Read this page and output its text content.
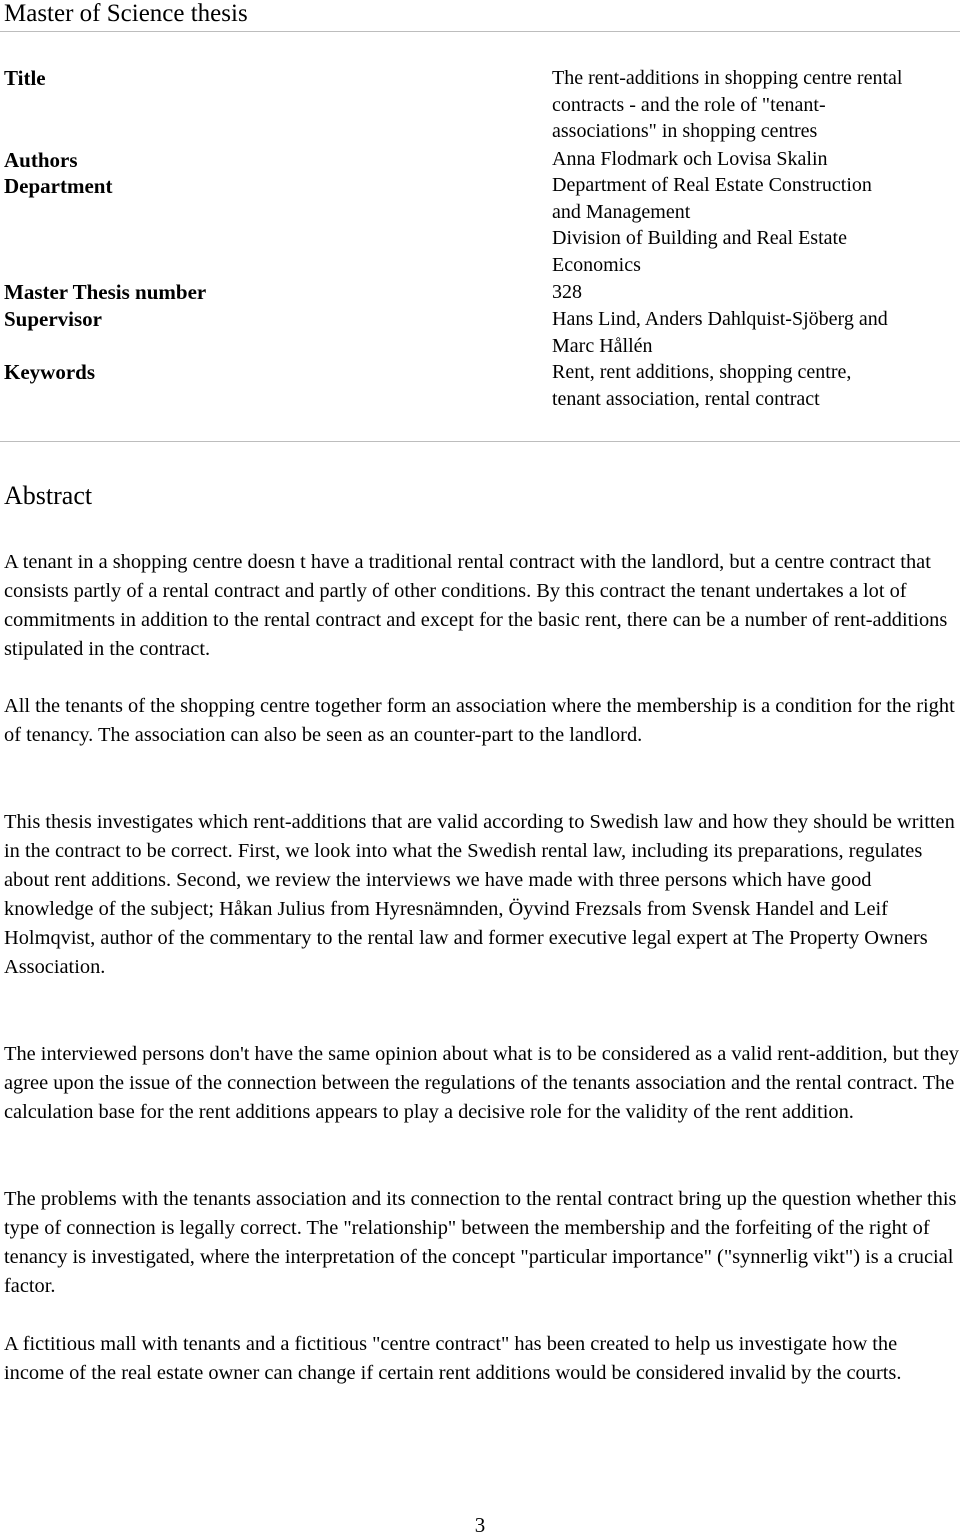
Master of Science thesis
Title	The rent-additions in shopping centre rental
contracts - and the role of "tenant-
associations" in shopping centres
Authors	Anna Flodmark och Lovisa Skalin
Department	Department of Real Estate Construction
and Management
Division of Building and Real Estate
Economics
Master Thesis number	328
Supervisor	Hans Lind, Anders Dahlquist-Sjöberg and
Marc Hållén
Keywords	Rent, rent additions, shopping centre,
tenant association, rental contract
Abstract
A tenant in a shopping centre doesn t have a traditional rental contract with the landlord, but a centre contract that consists partly of a rental contract and partly of other conditions. By this contract the tenant undertakes a lot of commitments in addition to the rental contract and except for the basic rent, there can be a number of rent-additions stipulated in the contract.
All the tenants of the shopping centre together form an association where the membership is a condition for the right of tenancy. The association can also be seen as an counter-part to the landlord.
This thesis investigates which rent-additions that are valid according to Swedish law and how they should be written in the contract to be correct. First, we look into what the Swedish rental law, including its preparations, regulates about rent additions. Second, we review the interviews we have made with three persons which have good knowledge of the subject; Håkan Julius from Hyresnämnden, Öyvind Frezsals from Svensk Handel and Leif Holmqvist, author of the commentary to the rental law and former executive legal expert at The Property Owners Association.
The interviewed persons don't have the same opinion about what is to be considered as a valid rent-addition, but they agree upon the issue of the connection between the regulations of the tenants association and the rental contract. The calculation base for the rent additions appears to play a decisive role for the validity of the rent addition.
The problems with the tenants association and its connection to the rental contract bring up the question whether this type of connection is legally correct. The "relationship" between the membership and the forfeiting of the right of tenancy is investigated, where the interpretation of the concept "particular importance" ("synnerlig vikt") is a crucial factor.
A fictitious mall with tenants and a fictitious "centre contract" has been created to help us investigate how the income of the real estate owner can change if certain rent additions would be considered invalid by the courts.
3
